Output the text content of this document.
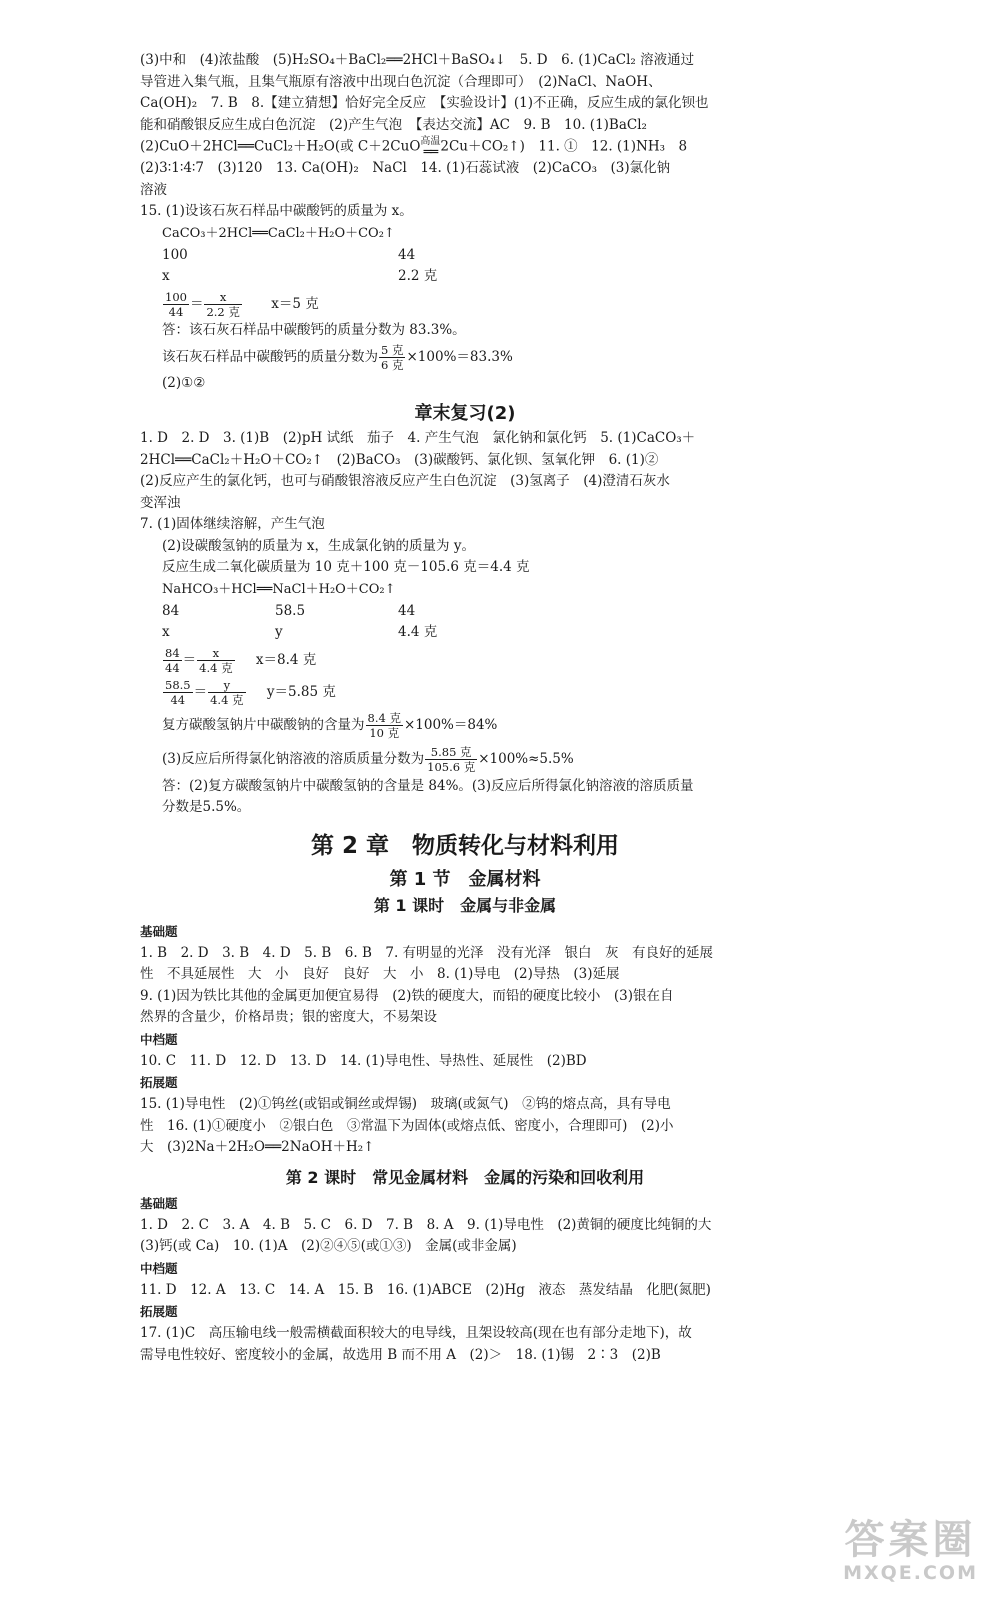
(3)中和　(4)浓盐酸　(5)H₂SO₄＋BaCl₂══2HCl＋BaSO₄↓　5. D　6. (1)CaCl₂ 溶液通过

导管进入集气瓶，且集气瓶原有溶液中出现白色沉淀（合理即可）　(2)NaCl、NaOH、

Ca(OH)₂　7. B　8.【建立猜想】恰好完全反应　【实验设计】(1)不正确，反应生成的氯化钡也

能和硝酸银反应生成白色沉淀　(2)产生气泡　【表达交流】AC　9. B　10. (1)BaCl₂

(2)CuO＋2HCl══CuCl₂＋H₂O(或 C＋2CuO 高温
══ 2Cu＋CO₂↑)　11. ①　12. (1)NH₃　8

(2)3∶1∶4∶7　(3)120　13. Ca(OH)₂　NaCl　14. (1)石蕊试液　(2)CaCO₃　(3)氯化钠

溶液

15. (1)设该石灰石样品中碳酸钙的质量为 x。

CaCO₃＋2HCl══CaCl₂＋H₂O＋CO₂↑

100	44
x	2.2 克

$\frac{100}{44} = \frac{x}{\text{2.2 克}} x=5$ 克

答：该石灰石样品中碳酸钙的质量分数为 83.3%。

该石灰石样品中碳酸钙的质量分数为 $\frac{\text{5 克}}{\text{6 克}} \times 100\%=83.3\%$

(2)①②

章末复习(2)

1. D　2. D　3. (1)B　(2)pH 试纸　茄子　4. 产生气泡　氯化钠和氯化钙　5. (1)CaCO₃＋

2HCl══CaCl₂＋H₂O＋CO₂↑　(2)BaCO₃　(3)碳酸钙、氯化钡、氢氧化钾　6. (1)②

(2)反应产生的氯化钙，也可与硝酸银溶液反应产生白色沉淀　(3)氢离子　(4)澄清石灰水

变浑浊

7. (1)固体继续溶解，产生气泡

(2)设碳酸氢钠的质量为 x，生成氯化钠的质量为 y。

反应生成二氧化碳质量为 10 克＋100 克－105.6 克＝4.4 克

NaHCO₃＋HCl══NaCl＋H₂O＋CO₂↑

84	58.5	44
x	y	4.4 克

$\frac{84}{44} = \frac{x}{\text{4.4 克}} x=8.4$ 克

$\frac{58.5}{44} = \frac{y}{\text{4.4 克}} y=5.85$ 克

复方碳酸氢钠片中碳酸钠的含量为 $\frac{\text{8.4 克}}{\text{10 克}} \times 100\%=84\%$

(3)反应后所得氯化钠溶液的溶质质量分数为 $\frac{\text{5.85 克}}{\text{105.6 克}} \times 100\%\approx 5.5\%$

答：(2)复方碳酸氢钠片中碳酸氢钠的含量是 84%。(3)反应后所得氯化钠溶液的溶质质量

分数是5.5%。

第 2 章　物质转化与材料利用
第 1 节　金属材料
第 1 课时　金属与非金属
基础题

1. B　2. D　3. B　4. D　5. B　6. B　7. 有明显的光泽　没有光泽　银白　灰　有良好的延展

性　不具延展性　大　小　良好　良好　大　小　8. (1)导电　(2)导热　(3)延展

9. (1)因为铁比其他的金属更加便宜易得　(2)铁的硬度大，而铅的硬度比较小　(3)银在自

然界的含量少，价格昂贵；银的密度大，不易架设

中档题

10. C　11. D　12. D　13. D　14. (1)导电性、导热性、延展性　(2)BD

拓展题

15. (1)导电性　(2)①钨丝(或铝或铜丝或焊锡)　玻璃(或氮气)　②钨的熔点高，具有导电

性　16. (1)①硬度小　②银白色　③常温下为固体(或熔点低、密度小，合理即可)　(2)小

大　(3)2Na＋2H₂O══2NaOH＋H₂↑

第 2 课时　常见金属材料　金属的污染和回收利用
基础题

1. D　2. C　3. A　4. B　5. C　6. D　7. B　8. A　9. (1)导电性　(2)黄铜的硬度比纯铜的大

(3)钙(或 Ca)　10. (1)A　(2)②④⑤(或①③)　金属(或非金属)

中档题

11. D　12. A　13. C　14. A　15. B　16. (1)ABCE　(2)Hg　液态　蒸发结晶　化肥(氮肥)

拓展题

17. (1)C　高压输电线一般需横截面积较大的电导线，且架设较高(现在也有部分走地下)，故

需导电性较好、密度较小的金属，故选用 B 而不用 A　(2)＞　18. (1)锡　2∶3　(2)B

答案圈
MXQE.COM
